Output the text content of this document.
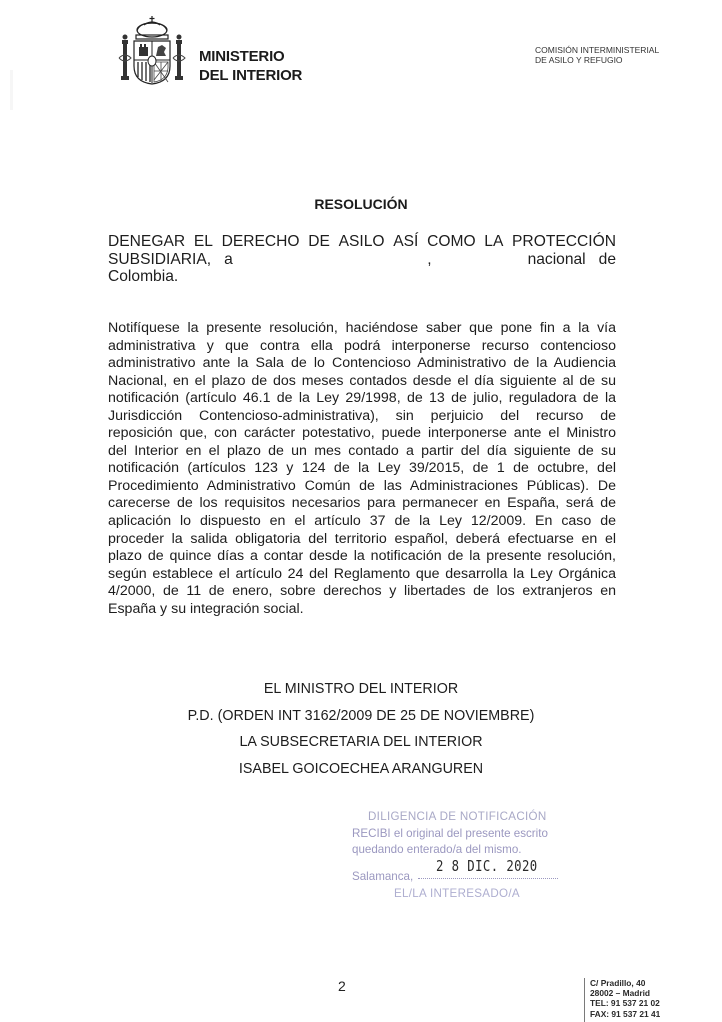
MINISTERIO
DEL INTERIOR
COMISIÓN INTERMINISTERIAL
DE ASILO Y REFUGIO
RESOLUCIÓN
DENEGAR EL DERECHO DE ASILO ASÍ COMO LA PROTECCIÓN
SUBSIDIARIA,   a	,	nacional   de
Colombia.
Notifíquese la presente resolución, haciéndose saber que pone fin a la vía
administrativa y que contra ella podrá interponerse recurso contencioso
administrativo ante la Sala de lo Contencioso Administrativo de la Audiencia
Nacional, en el plazo de dos meses contados desde el día siguiente al de su
notificación (artículo 46.1 de la Ley 29/1998, de 13 de julio, reguladora de la
Jurisdicción Contencioso-administrativa), sin perjuicio del recurso de
reposición que, con carácter potestativo, puede interponerse ante el Ministro
del Interior en el plazo de un mes contado a partir del día siguiente de su
notificación (artículos 123 y 124 de la Ley 39/2015, de 1 de octubre, del
Procedimiento Administrativo Común de las Administraciones Públicas). De
carecerse de los requisitos necesarios para permanecer en España, será de
aplicación lo dispuesto en el artículo 37 de la Ley 12/2009. En caso de
proceder la salida obligatoria del territorio español, deberá efectuarse en el
plazo de quince días a contar desde la notificación de la presente resolución,
según establece el artículo 24 del Reglamento que desarrolla la Ley Orgánica
4/2000, de 11 de enero, sobre derechos y libertades de los extranjeros en
España y su integración social.
EL MINISTRO DEL INTERIOR
P.D. (ORDEN INT 3162/2009 DE 25 DE NOVIEMBRE)
LA SUBSECRETARIA DEL INTERIOR
ISABEL GOICOECHEA ARANGUREN
DILIGENCIA DE NOTIFICACIÓN
RECIBI el original del presente escrito
quedando enterado/a del mismo.
2 8 DIC. 2020
Salamanca,
EL/LA INTERESADO/A
2	C/ Pradillo, 40
28002 – Madrid
TEL: 91 537 21 02
FAX: 91 537 21 41
